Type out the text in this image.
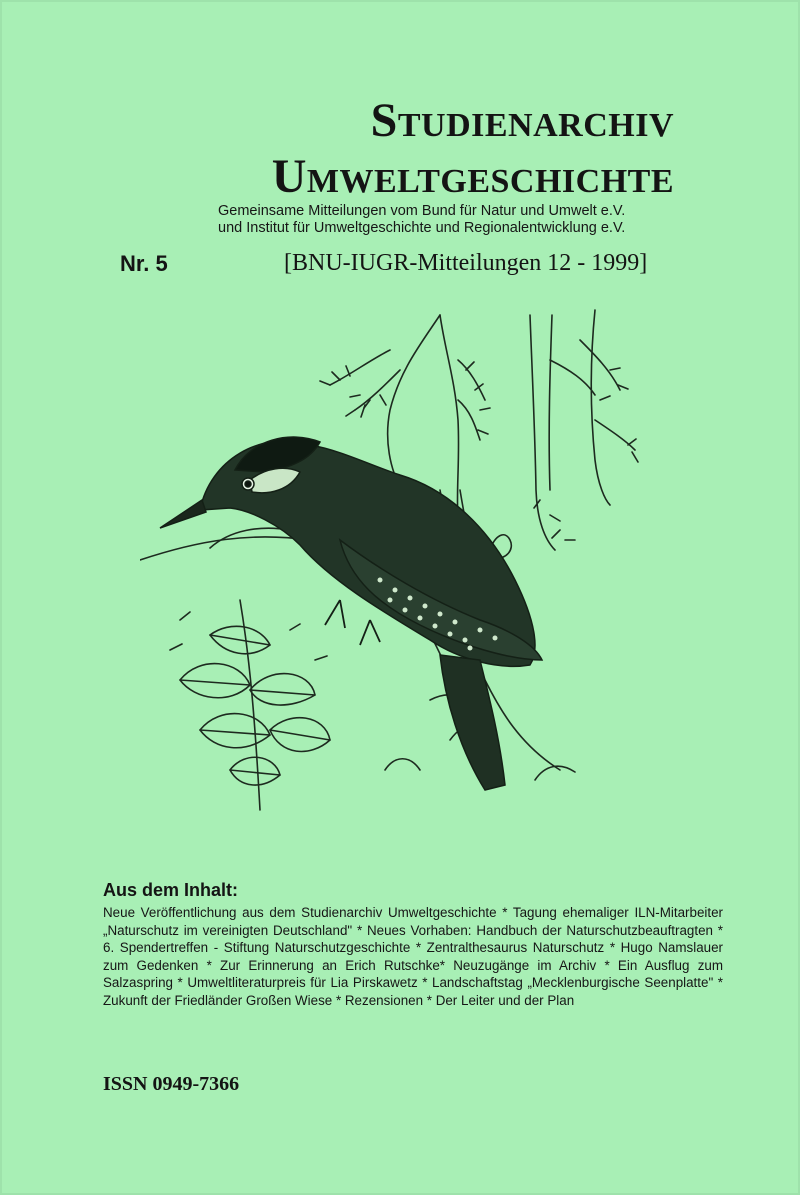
Studienarchiv
Umweltgeschichte
Gemeinsame Mitteilungen vom Bund für Natur und Umwelt e.V.
und Institut für Umweltgeschichte und Regionalentwicklung e.V.
Nr. 5	[BNU-IUGR-Mitteilungen 12 - 1999]
Aus dem Inhalt:

Neue Veröffentlichung aus dem Studienarchiv Umweltgeschichte * Tagung ehemaliger ILN-Mitarbeiter „Naturschutz im vereinigten Deutschland" * Neues Vorhaben: Handbuch der Naturschutzbeauftragten * 6. Spendertreffen - Stiftung Naturschutzgeschichte * Zentralthesaurus Naturschutz * Hugo Namslauer zum Gedenken * Zur Erinnerung an Erich Rutschke* Neuzugänge im Archiv * Ein Ausflug zum Salzaspring * Umweltliteraturpreis für Lia Pirskawetz * Landschaftstag „Mecklenburgische Seenplatte" * Zukunft der Friedländer Großen Wiese * Rezensionen * Der Leiter und der Plan

ISSN 0949-7366
